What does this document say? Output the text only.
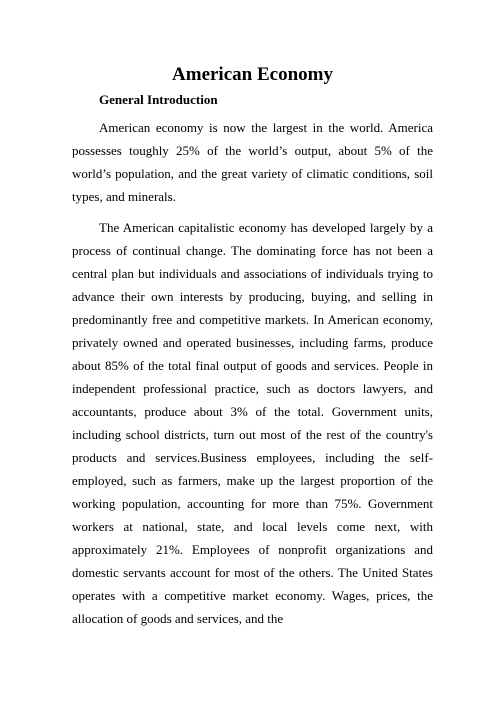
American Economy
General Introduction

American economy is now the largest in the world. America possesses toughly 25% of the world’s output, about 5% of the world’s population, and the great variety of climatic conditions, soil types, and minerals.

The American capitalistic economy has developed largely by a process of continual change. The dominating force has not been a central plan but individuals and associations of individuals trying to advance their own interests by producing, buying, and selling in predominantly free and competitive markets. In American economy, privately owned and operated businesses, including farms, produce about 85% of the total final output of goods and services. People in independent professional practice, such as doctors lawyers, and accountants, produce about 3% of the total. Government units, including school districts, turn out most of the rest of the country's products and services.Business employees, including the self-employed, such as farmers, make up the largest proportion of the working population, accounting for more than 75%. Government workers at national, state, and local levels come next, with approximately 21%. Employees of nonprofit organizations and domestic servants account for most of the others. The United States operates with a competitive market economy. Wages, prices, the allocation of goods and services, and the
